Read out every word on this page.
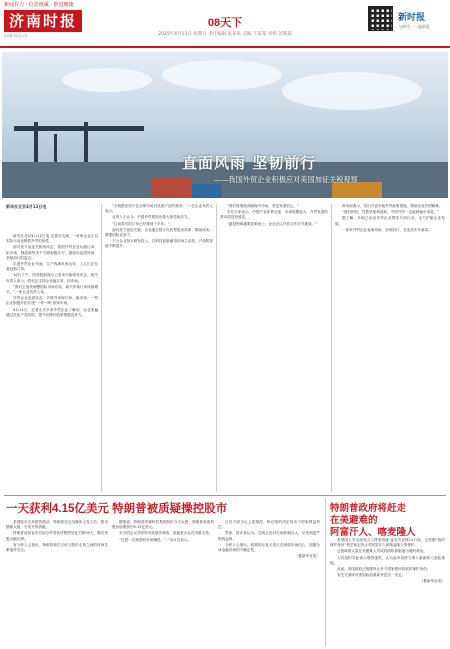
新闻有力 · 信息权威 · 推进便捷
济南时报
jnsb.e23.cn
08天下
2025年4月13日 星期日 责任编辑 张某某 美编 王某某 审校 刘某某
新时报
与时代 · 一起前进
直面风雨 坚韧前行
——我国外贸企业积极应对美国加征关税观察

新华社北京4月12日电 记者们交流，一家家企业正以实际行动诠释着外贸的韧性。

面对美方加征关税的冲击，我国外贸企业从稳订单、拓市场、强创新等多个方面积极应对，展现出直面风雨、坚韧前行的姿态。

走进外贸企业车间，生产线满负荷运转，工人们正忙着赶制订单。

10日下午，国务院新闻办公室举行新闻发布会，相关负责人表示，将坚定支持企业稳订单、拓市场。

“我们正加快调整国际市场布局，新兴市场订单持续增长。”一家企业负责人说。

外贸企业直面冲击，多措并举保订单、稳市场，一些企业积极开拓共建“一带一路”国家市场。

4月11日，记者走访多家外贸企业了解到，企业普遍通过优化产品结构、提升品牌价值来增强竞争力。

“关税壁垒挡不住全球市场对优质产品的需求。”一位企业负责人表示。

业内人士认为，中国外贸展现出强大韧性和活力。

“目前我们的订单已经排到下半年。”

面对美方加征关税，企业通过数字化转型提高效率、降低成本，增强国际竞争力。

不少企业加大研发投入，以科技创新赢得市场主动权，产品附加值不断提升。

“我们将继续深耕海外市场，坚定发展信心。”

多位专家表示，中国产业体系完备、市场规模庞大，外贸发展的基本面没有改变。

“越是困难越要迎难而上，企业正以开放合作应对挑战。”

商务部表示，将出台更多稳外贸政策措施，帮助企业纾困解难。

“我们相信，凭着坚韧和创新，中国外贸一定能够稳中求进。”

据了解，多地已启动外贸企业帮扶专项行动，全力护航企业发展。

一家家外贸企业直面风雨、坚韧前行，在变局中开新局。

新华社北京4月12日电
一天获利4.15亿美元 特朗普被质疑操控股市

美国股市近来剧烈波动，特朗普在社交媒体上发文后，股市随即大涨，引发外界质疑。

特朗普此前宣布对部分贸易伙伴暂停加征关税90天，随后美股大幅反弹。

有分析人士指出，特朗普相关言论与股市走势之间的时间关系值得关注。

据报道，特朗普传媒科技集团股价当天大涨，特朗普家族持股价值增加约4.15亿美元。

多名国会议员呼吁对此展开调查，质疑是否存在内幕交易。

“这是一次典型的市场操控。”一名议员表示。

白宫方面否认上述指控，称总统的决定均出于国家利益考虑。

然而，批评者认为，总统言论对市场影响巨大，应受到更严格的监督。

分析人士指出，政策的反复无常正在削弱市场信心，加剧全球金融市场的不确定性。

（据新华社电）
特朗普政府将赶走
在美避难的
阿富汗人、喀麦隆人

美国国土安全部发言人特里西娅·麦克劳克林11日说，已依据“临时保护身份”相关规定终止对阿富汗人和喀麦隆人的保护。

这意味着大量在美避难人员或将面临被驱逐出境的命运。

人权组织对此表示强烈谴责，认为此举将使当事人重新陷入危险境地。

此前，美国政府已相继终止多个国家移民的临时保护身份。

有关方面呼吁美国政府重新考虑这一决定。

（据新华社电）
